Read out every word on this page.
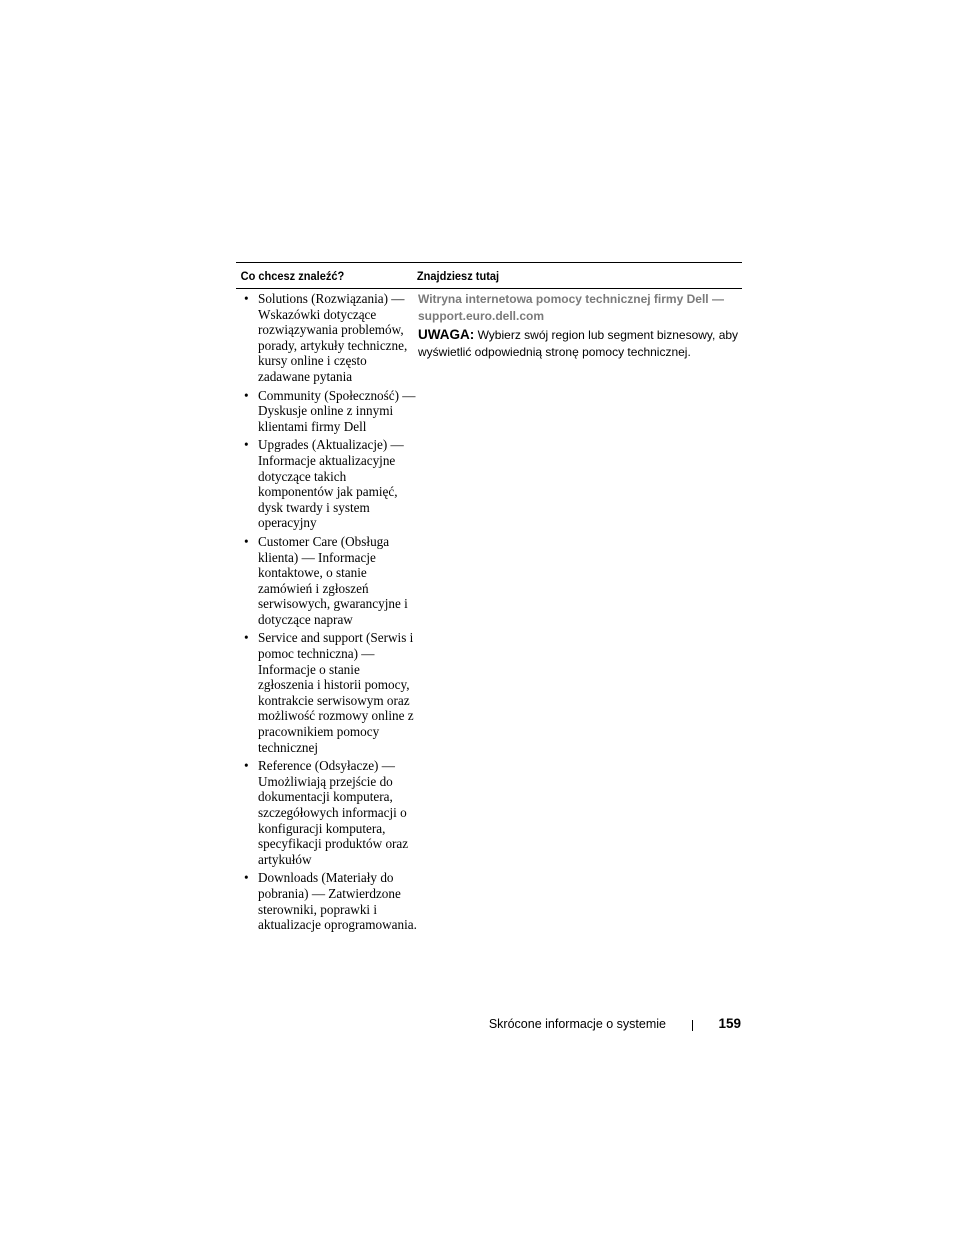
Co chcesz znaleźć?	Znajdziesz tutaj
• Solutions (Rozwiązania) — Wskazówki dotyczące rozwiązywania problemów, porady, artykuły techniczne, kursy online i często zadawane pytania
• Community (Społeczność) — Dyskusje online z innymi klientami firmy Dell
• Upgrades (Aktualizacje) — Informacje aktualizacyjne dotyczące takich komponentów jak pamięć, dysk twardy i system operacyjny
• Customer Care (Obsługa klienta) — Informacje kontaktowe, o stanie zamówień i zgłoszeń serwisowych, gwarancyjne i dotyczące napraw
• Service and support (Serwis i pomoc techniczna) — Informacje o stanie zgłoszenia i historii pomocy, kontrakcie serwisowym oraz możliwość rozmowy online z pracownikiem pomocy technicznej
• Reference (Odsyłacze) — Umożliwiają przejście do dokumentacji komputera, szczegółowych informacji o konfiguracji komputera, specyfikacji produktów oraz artykułów
• Downloads (Materiały do pobrania) — Zatwierdzone sterowniki, poprawki i aktualizacje oprogramowania.
Witryna internetowa pomocy technicznej firmy Dell —
support.euro.dell.com
UWAGA: Wybierz swój region lub segment biznesowy, aby wyświetlić odpowiednią stronę pomocy technicznej.
Skrócone informacje o systemie	159
